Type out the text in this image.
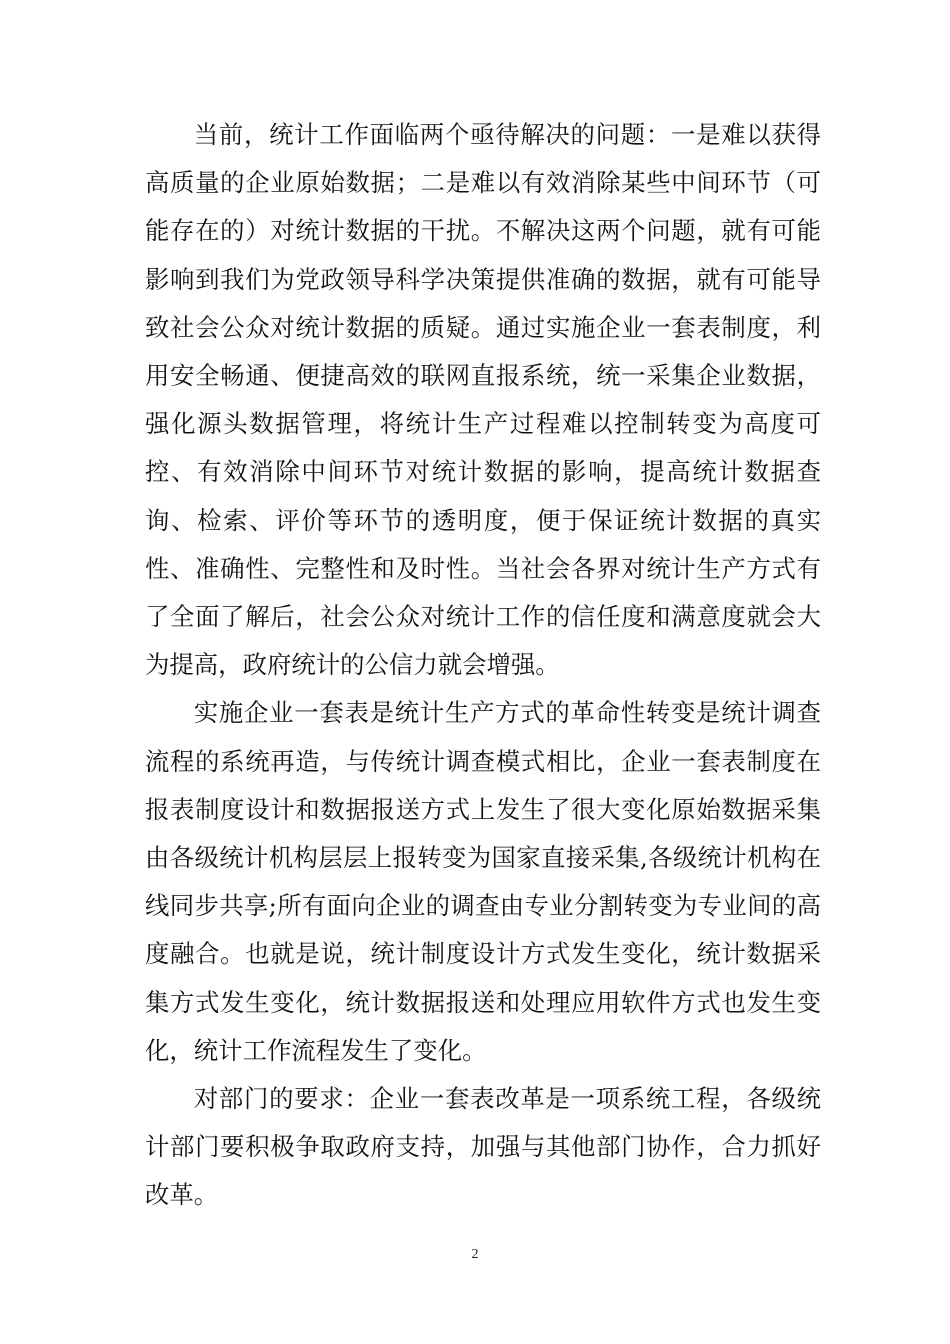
当前，统计工作面临两个亟待解决的问题：一是难以获得高质量的企业原始数据；二是难以有效消除某些中间环节（可能存在的）对统计数据的干扰。不解决这两个问题，就有可能影响到我们为党政领导科学决策提供准确的数据，就有可能导致社会公众对统计数据的质疑。通过实施企业一套表制度，利用安全畅通、便捷高效的联网直报系统，统一采集企业数据，强化源头数据管理，将统计生产过程难以控制转变为高度可控、有效消除中间环节对统计数据的影响，提高统计数据查询、检索、评价等环节的透明度，便于保证统计数据的真实性、准确性、完整性和及时性。当社会各界对统计生产方式有了全面了解后，社会公众对统计工作的信任度和满意度就会大为提高，政府统计的公信力就会增强。

实施企业一套表是统计生产方式的革命性转变是统计调查流程的系统再造，与传统计调查模式相比，企业一套表制度在报表制度设计和数据报送方式上发生了很大变化原始数据采集由各级统计机构层层上报转变为国家直接采集,各级统计机构在线同步共享;所有面向企业的调查由专业分割转变为专业间的高度融合。也就是说，统计制度设计方式发生变化，统计数据采集方式发生变化，统计数据报送和处理应用软件方式也发生变化，统计工作流程发生了变化。

对部门的要求：企业一套表改革是一项系统工程，各级统计部门要积极争取政府支持，加强与其他部门协作，合力抓好改革。

2
